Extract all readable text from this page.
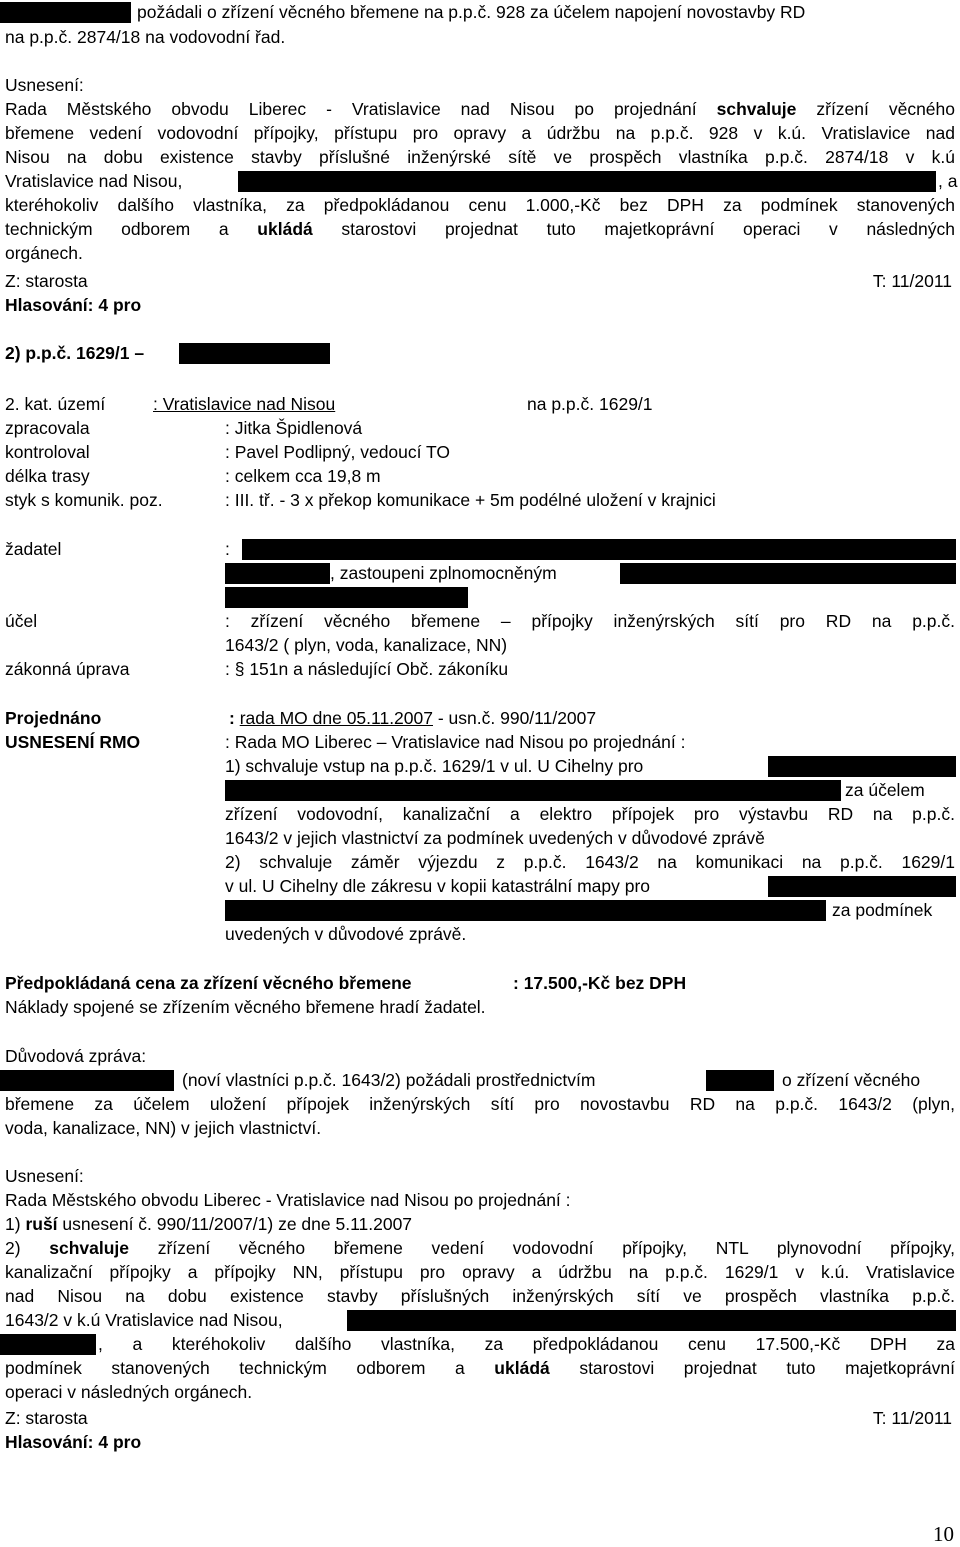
požádali o zřízení věcného břemene na p.p.č. 928 za účelem napojení novostavby RD
na p.p.č. 2874/18 na vodovodní řad.
Usnesení:
Rada Městského obvodu Liberec - Vratislavice nad Nisou po projednání schvaluje zřízení věcného
břemene vedení vodovodní přípojky, přístupu pro opravy a údržbu na p.p.č. 928 v k.ú. Vratislavice nad
Nisou na dobu existence stavby příslušné inženýrské sítě ve prospěch vlastníka p.p.č. 2874/18 v k.ú
Vratislavice nad Nisou,	, a
kteréhokoliv dalšího vlastníka, za předpokládanou cenu 1.000,-Kč bez DPH za podmínek stanovených
technickým odborem a ukládá starostovi projednat tuto majetkoprávní operaci v následných
orgánech.
Z: starosta	T: 11/2011
Hlasování: 4 pro
2) p.p.č. 1629/1 –
2. kat. území	: Vratislavice nad Nisou	na p.p.č. 1629/1
zpracovala	: Jitka Špidlenová
kontroloval	: Pavel Podlipný, vedoucí TO
délka trasy	: celkem cca 19,8 m
styk s komunik. poz.	: III. tř. - 3 x překop komunikace + 5m podélné uložení v krajnici
žadatel	:
, zastoupeni zplnomocněným
účel	: zřízení věcného břemene – přípojky inženýrských sítí pro RD na p.p.č.
1643/2 ( plyn, voda, kanalizace, NN)
zákonná úprava	: § 151n a následující Obč. zákoníku
Projednáno	: rada MO dne 05.11.2007 - usn.č. 990/11/2007
USNESENÍ RMO	: Rada MO Liberec – Vratislavice nad Nisou po projednání :
1) schvaluje vstup na p.p.č. 1629/1 v ul. U Cihelny pro
za účelem
zřízení vodovodní, kanalizační a elektro přípojek pro výstavbu RD na p.p.č.
1643/2 v jejich vlastnictví za podmínek uvedených v důvodové zprávě
2) schvaluje záměr výjezdu z p.p.č. 1643/2 na komunikaci na p.p.č. 1629/1
v ul. U Cihelny dle zákresu v kopii katastrální mapy pro
za podmínek
uvedených v důvodové zprávě.
Předpokládaná cena za zřízení věcného břemene	: 17.500,-Kč bez DPH
Náklady spojené se zřízením věcného břemene hradí žadatel.
Důvodová zpráva:
(noví vlastníci p.p.č. 1643/2) požádali prostřednictvím	o zřízení věcného
břemene za účelem uložení přípojek inženýrských sítí pro novostavbu RD na p.p.č. 1643/2 (plyn,
voda, kanalizace, NN) v jejich vlastnictví.
Usnesení:
Rada Městského obvodu Liberec - Vratislavice nad Nisou po projednání :
1) ruší usnesení č. 990/11/2007/1) ze dne 5.11.2007
2) schvaluje zřízení věcného břemene vedení vodovodní přípojky, NTL plynovodní přípojky,
kanalizační přípojky a přípojky NN, přístupu pro opravy a údržbu na p.p.č. 1629/1 v k.ú. Vratislavice
nad Nisou na dobu existence stavby příslušných inženýrských sítí ve prospěch vlastníka p.p.č.
1643/2 v k.ú Vratislavice nad Nisou,
, a kteréhokoliv dalšího vlastníka, za předpokládanou cenu 17.500,-Kč DPH za
podmínek stanovených technickým odborem a ukládá starostovi projednat tuto majetkoprávní
operaci v následných orgánech.
Z: starosta	T: 11/2011
Hlasování: 4 pro
10
